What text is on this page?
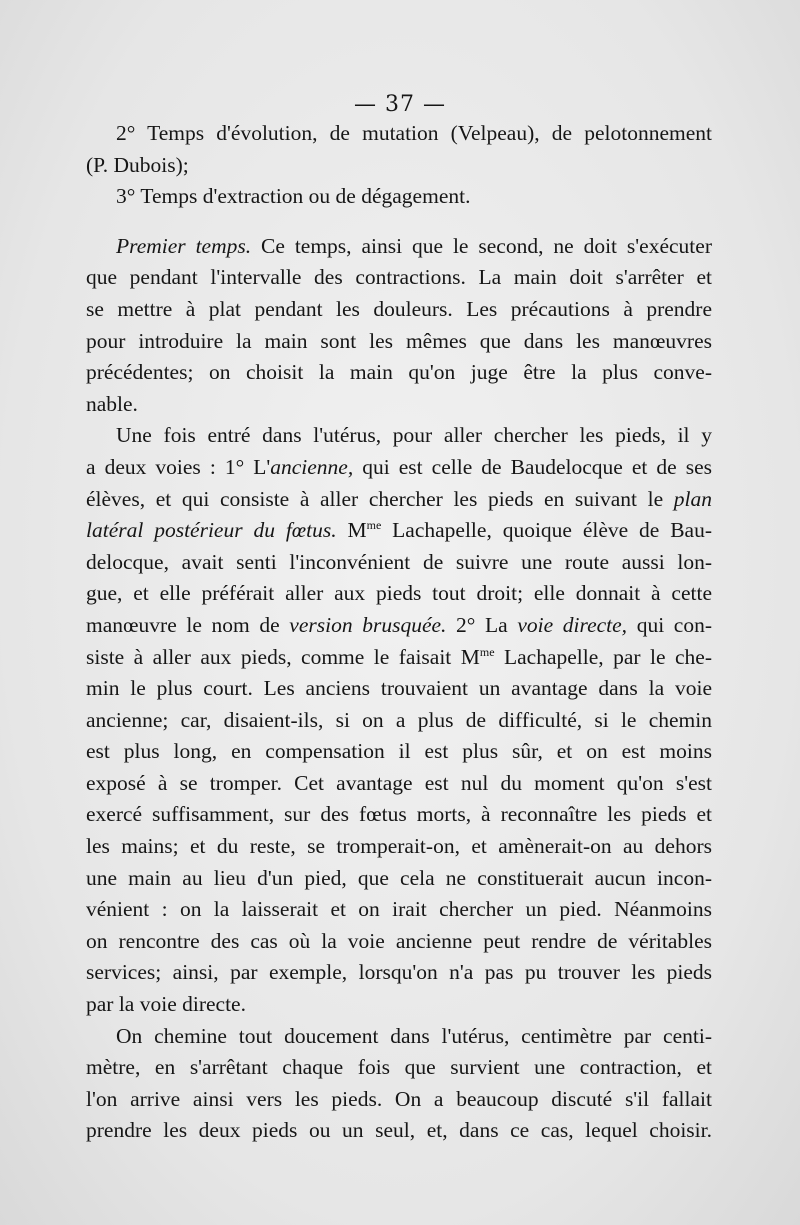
— 37 —
2° Temps d'évolution, de mutation (Velpeau), de pelotonnement
(P. Dubois);
3° Temps d'extraction ou de dégagement.
Premier temps. Ce temps, ainsi que le second, ne doit s'exécuter
que pendant l'intervalle des contractions. La main doit s'arrêter et
se mettre à plat pendant les douleurs. Les précautions à prendre
pour introduire la main sont les mêmes que dans les manœuvres
précédentes; on choisit la main qu'on juge être la plus conve-
nable.
Une fois entré dans l'utérus, pour aller chercher les pieds, il y
a deux voies : 1° L'ancienne, qui est celle de Baudelocque et de ses
élèves, et qui consiste à aller chercher les pieds en suivant le plan
latéral postérieur du fœtus. $M^{me}$ Lachapelle, quoique élève de Bau-
delocque, avait senti l'inconvénient de suivre une route aussi lon-
gue, et elle préférait aller aux pieds tout droit; elle donnait à cette
manœuvre le nom de version brusquée. 2° La voie directe, qui con-
siste à aller aux pieds, comme le faisait $M^{me}$ Lachapelle, par le che-
min le plus court. Les anciens trouvaient un avantage dans la voie
ancienne; car, disaient-ils, si on a plus de difficulté, si le chemin
est plus long, en compensation il est plus sûr, et on est moins
exposé à se tromper. Cet avantage est nul du moment qu'on s'est
exercé suffisamment, sur des fœtus morts, à reconnaître les pieds et
les mains; et du reste, se tromperait-on, et amènerait-on au dehors
une main au lieu d'un pied, que cela ne constituerait aucun incon-
vénient : on la laisserait et on irait chercher un pied. Néanmoins
on rencontre des cas où la voie ancienne peut rendre de véritables
services; ainsi, par exemple, lorsqu'on n'a pas pu trouver les pieds
par la voie directe.
On chemine tout doucement dans l'utérus, centimètre par centi-
mètre, en s'arrêtant chaque fois que survient une contraction, et
l'on arrive ainsi vers les pieds. On a beaucoup discuté s'il fallait
prendre les deux pieds ou un seul, et, dans ce cas, lequel choisir.
